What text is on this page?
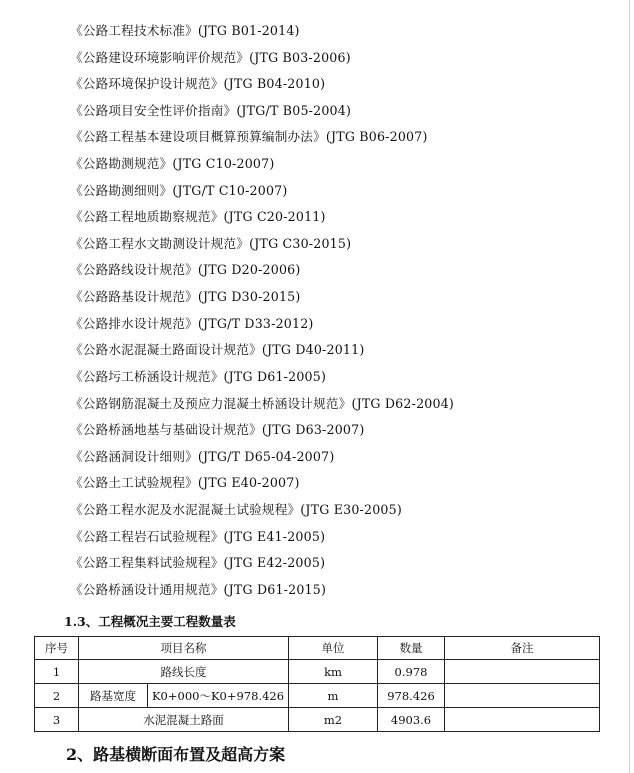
《公路工程技术标准》(JTG B01-2014)
《公路建设环境影响评价规范》(JTG B03-2006)
《公路环境保护设计规范》(JTG B04-2010)
《公路项目安全性评价指南》(JTG/T B05-2004)
《公路工程基本建设项目概算预算编制办法》(JTG B06-2007)
《公路勘测规范》(JTG C10-2007)
《公路勘测细则》(JTG/T C10-2007)
《公路工程地质勘察规范》(JTG C20-2011)
《公路工程水文勘测设计规范》(JTG C30-2015)
《公路路线设计规范》(JTG D20-2006)
《公路路基设计规范》(JTG D30-2015)
《公路排水设计规范》(JTG/T D33-2012)
《公路水泥混凝土路面设计规范》(JTG D40-2011)
《公路圬工桥涵设计规范》(JTG D61-2005)
《公路钢筋混凝土及预应力混凝土桥涵设计规范》(JTG D62-2004)
《公路桥涵地基与基础设计规范》(JTG D63-2007)
《公路涵洞设计细则》(JTG/T D65-04-2007)
《公路土工试验规程》(JTG E40-2007)
《公路工程水泥及水泥混凝土试验规程》(JTG E30-2005)
《公路工程岩石试验规程》(JTG E41-2005)
《公路工程集料试验规程》(JTG E42-2005)
《公路桥涵设计通用规范》(JTG D61-2015)
1.3、工程概况主要工程数量表
序号	项目名称		单位	数量	备注
1	路线长度		km	0.978	
2	路基宽度	K0+000～K0+978.426	m	978.426	
3	水泥混凝土路面		m2	4903.6	
2、路基横断面布置及超高方案
